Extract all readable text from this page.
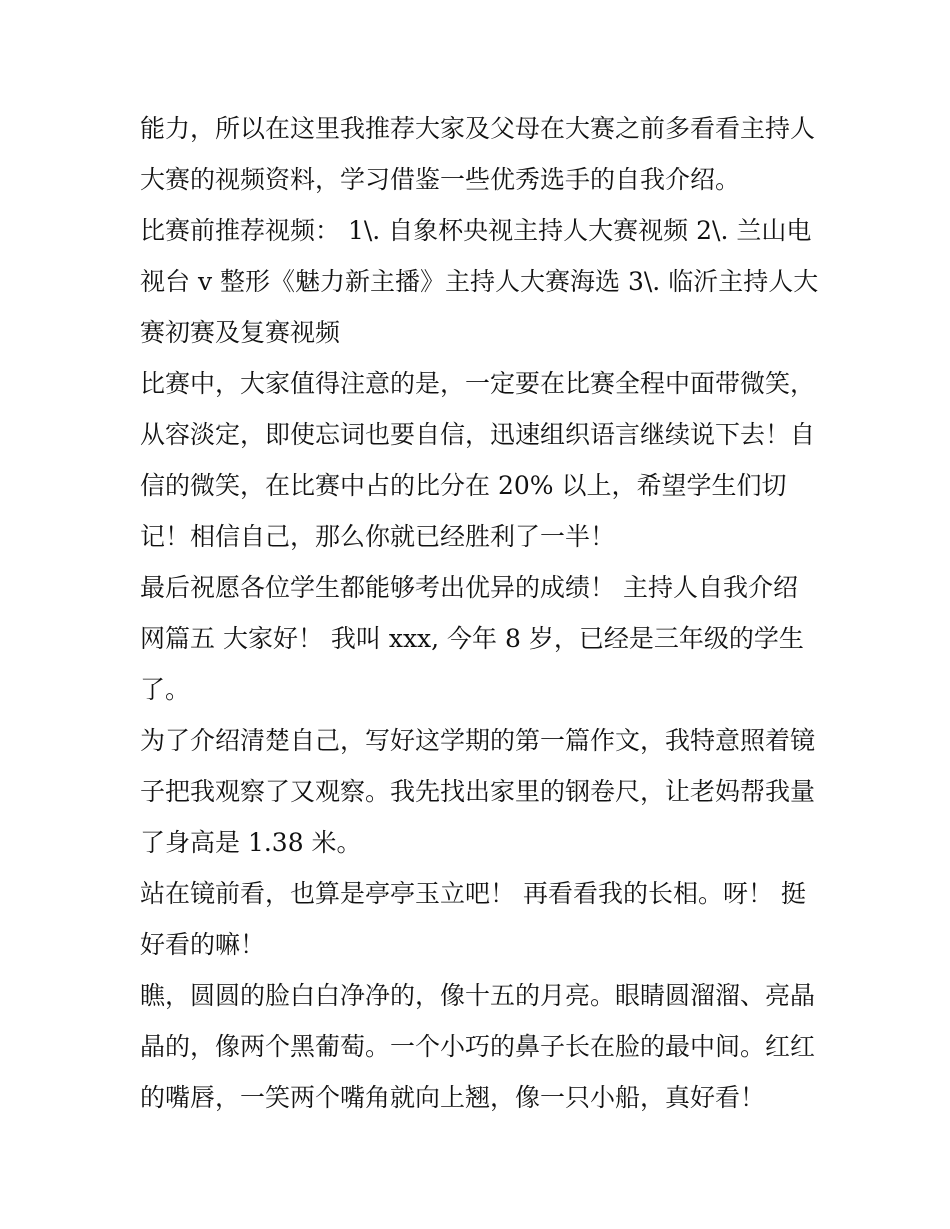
能力，所以在这里我推荐大家及父母在大赛之前多看看主持人
大赛的视频资料，学习借鉴一些优秀选手的自我介绍。
比赛前推荐视频： 1\. 自象杯央视主持人大赛视频 2\. 兰山电
视台 v 整形《魅力新主播》主持人大赛海选 3\. 临沂主持人大
赛初赛及复赛视频
比赛中，大家值得注意的是，一定要在比赛全程中面带微笑，
从容淡定，即使忘词也要自信，迅速组织语言继续说下去！自
信的微笑，在比赛中占的比分在 20% 以上，希望学生们切
记！相信自己，那么你就已经胜利了一半！
最后祝愿各位学生都能够考出优异的成绩！ 主持人自我介绍
网篇五 大家好！ 我叫 xxx, 今年 8 岁，已经是三年级的学生
了。
为了介绍清楚自己，写好这学期的第一篇作文，我特意照着镜
子把我观察了又观察。我先找出家里的钢卷尺，让老妈帮我量
了身高是 1.38 米。
站在镜前看，也算是亭亭玉立吧！ 再看看我的长相。呀！ 挺
好看的嘛！
瞧，圆圆的脸白白净净的，像十五的月亮。眼睛圆溜溜、亮晶
晶的，像两个黑葡萄。一个小巧的鼻子长在脸的最中间。红红
的嘴唇，一笑两个嘴角就向上翘，像一只小船，真好看！
